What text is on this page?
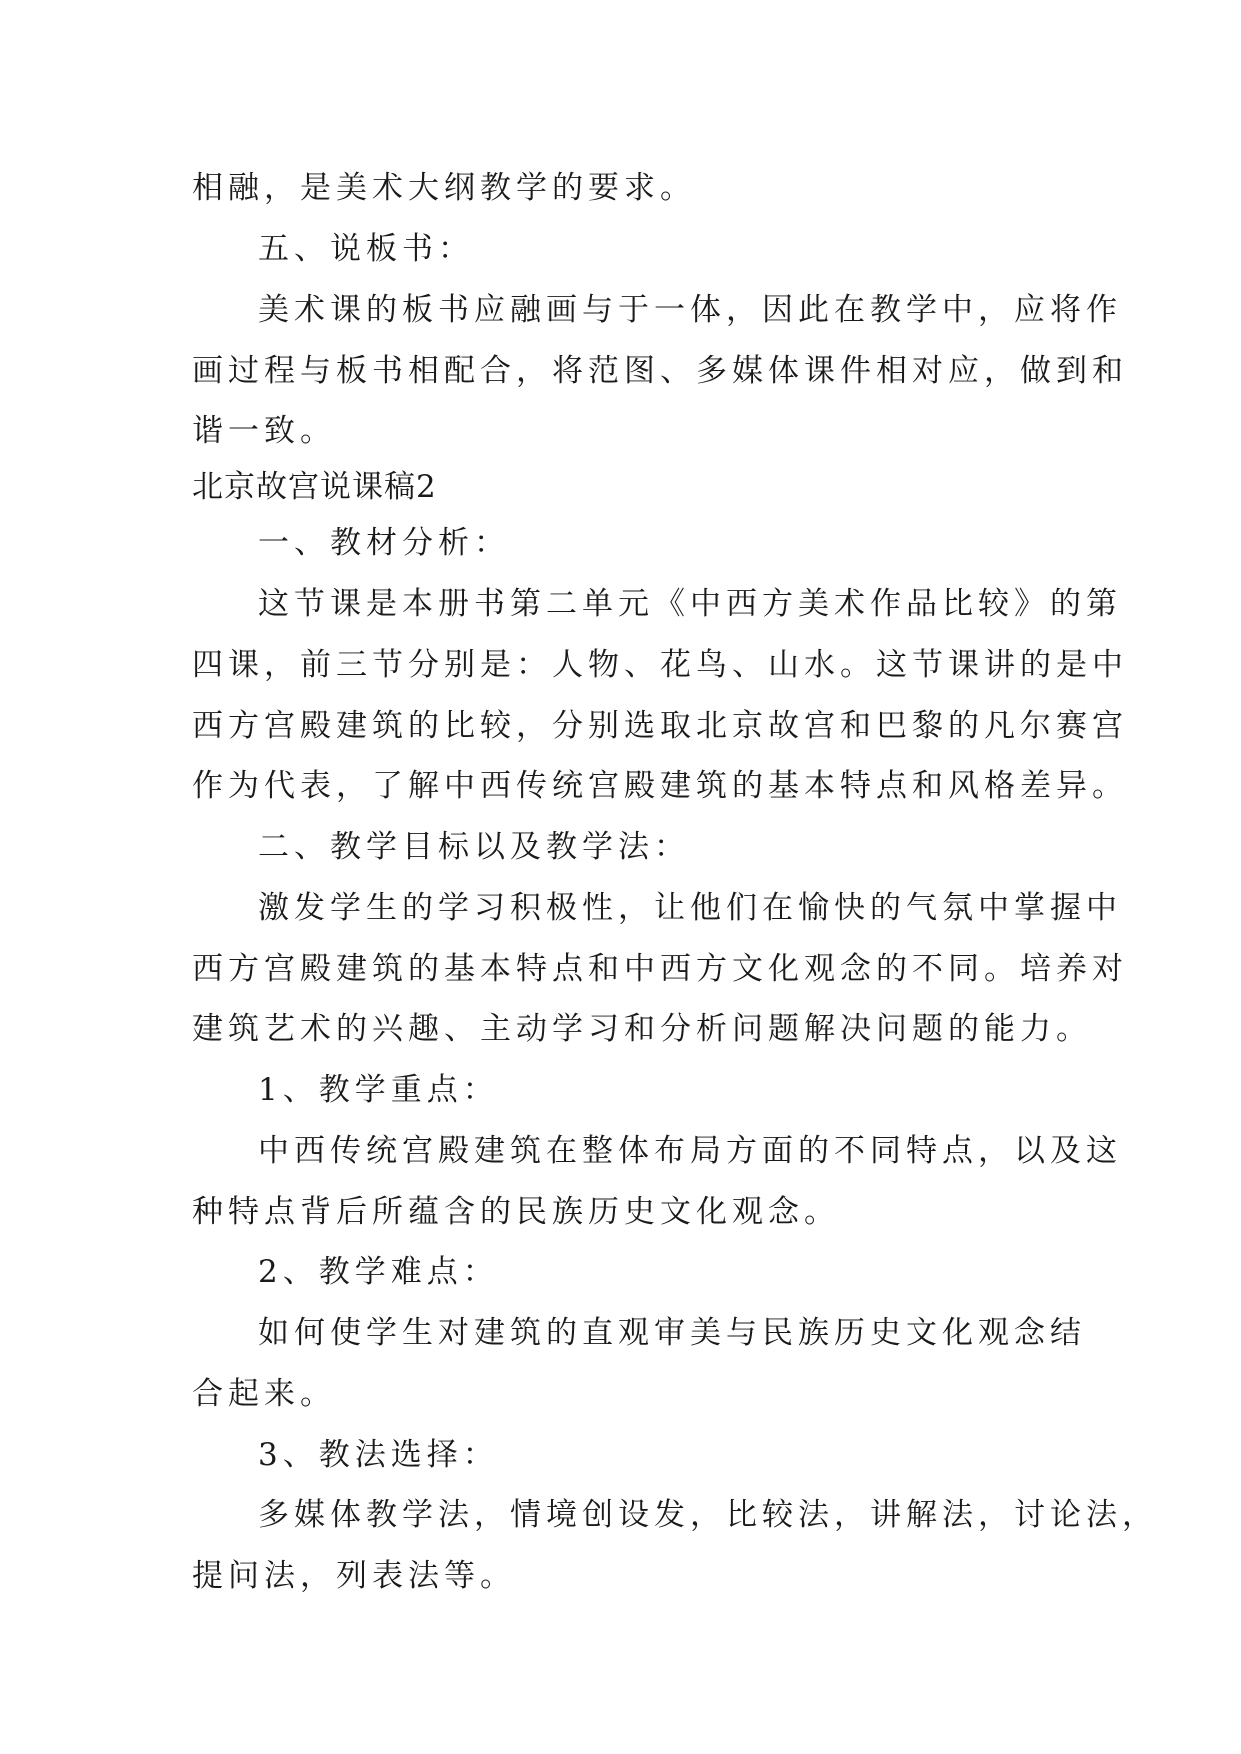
相融，是美术大纲教学的要求。
五、说板书：
美术课的板书应融画与于一体，因此在教学中，应将作
画过程与板书相配合，将范图、多媒体课件相对应，做到和
谐一致。
北京故宫说课稿2
一、教材分析：
这节课是本册书第二单元《中西方美术作品比较》的第
四课，前三节分别是：人物、花鸟、山水。这节课讲的是中
西方宫殿建筑的比较，分别选取北京故宫和巴黎的凡尔赛宫
作为代表，了解中西传统宫殿建筑的基本特点和风格差异。
二、教学目标以及教学法：
激发学生的学习积极性，让他们在愉快的气氛中掌握中
西方宫殿建筑的基本特点和中西方文化观念的不同。培养对
建筑艺术的兴趣、主动学习和分析问题解决问题的能力。
1、教学重点：
中西传统宫殿建筑在整体布局方面的不同特点，以及这
种特点背后所蕴含的民族历史文化观念。
2、教学难点：
如何使学生对建筑的直观审美与民族历史文化观念结
合起来。
3、教法选择：
多媒体教学法，情境创设发，比较法，讲解法，讨论法，
提问法，列表法等。
